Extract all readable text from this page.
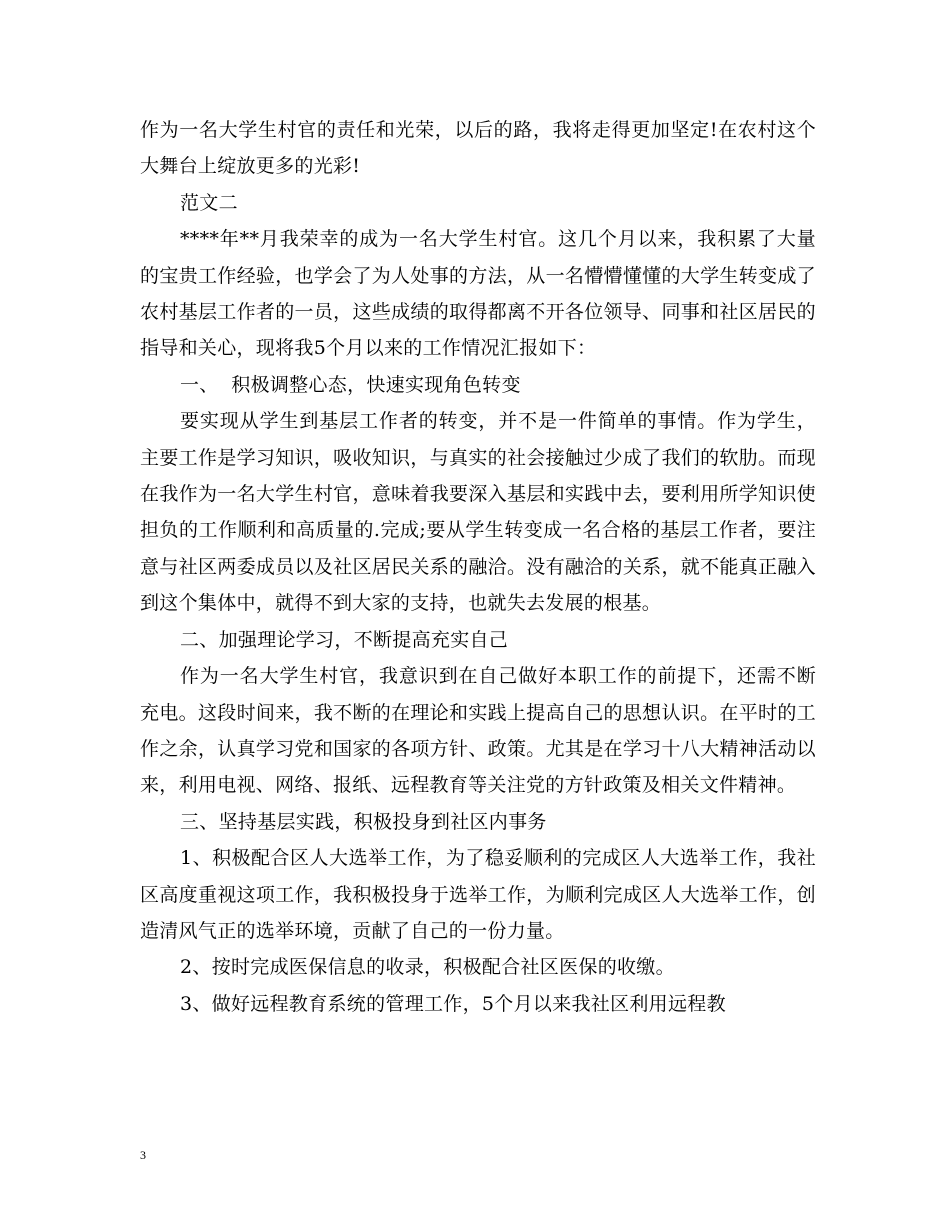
作为一名大学生村官的责任和光荣，以后的路，我将走得更加坚定!在农村这个大舞台上绽放更多的光彩!

范文二

****年**月我荣幸的成为一名大学生村官。这几个月以来，我积累了大量的宝贵工作经验，也学会了为人处事的方法，从一名懵懵懂懂的大学生转变成了农村基层工作者的一员，这些成绩的取得都离不开各位领导、同事和社区居民的指导和关心，现将我5个月以来的工作情况汇报如下：

一、  积极调整心态，快速实现角色转变

要实现从学生到基层工作者的转变，并不是一件简单的事情。作为学生，主要工作是学习知识，吸收知识，与真实的社会接触过少成了我们的软肋。而现在我作为一名大学生村官，意味着我要深入基层和实践中去，要利用所学知识使担负的工作顺利和高质量的.完成;要从学生转变成一名合格的基层工作者，要注意与社区两委成员以及社区居民关系的融洽。没有融洽的关系，就不能真正融入到这个集体中，就得不到大家的支持，也就失去发展的根基。

二、加强理论学习，不断提高充实自己

作为一名大学生村官，我意识到在自己做好本职工作的前提下，还需不断充电。这段时间来，我不断的在理论和实践上提高自己的思想认识。在平时的工作之余，认真学习党和国家的各项方针、政策。尤其是在学习十八大精神活动以来，利用电视、网络、报纸、远程教育等关注党的方针政策及相关文件精神。

三、坚持基层实践，积极投身到社区内事务

1、积极配合区人大选举工作，为了稳妥顺利的完成区人大选举工作，我社区高度重视这项工作，我积极投身于选举工作，为顺利完成区人大选举工作，创造清风气正的选举环境，贡献了自己的一份力量。

2、按时完成医保信息的收录，积极配合社区医保的收缴。

3、做好远程教育系统的管理工作，5个月以来我社区利用远程教

3
